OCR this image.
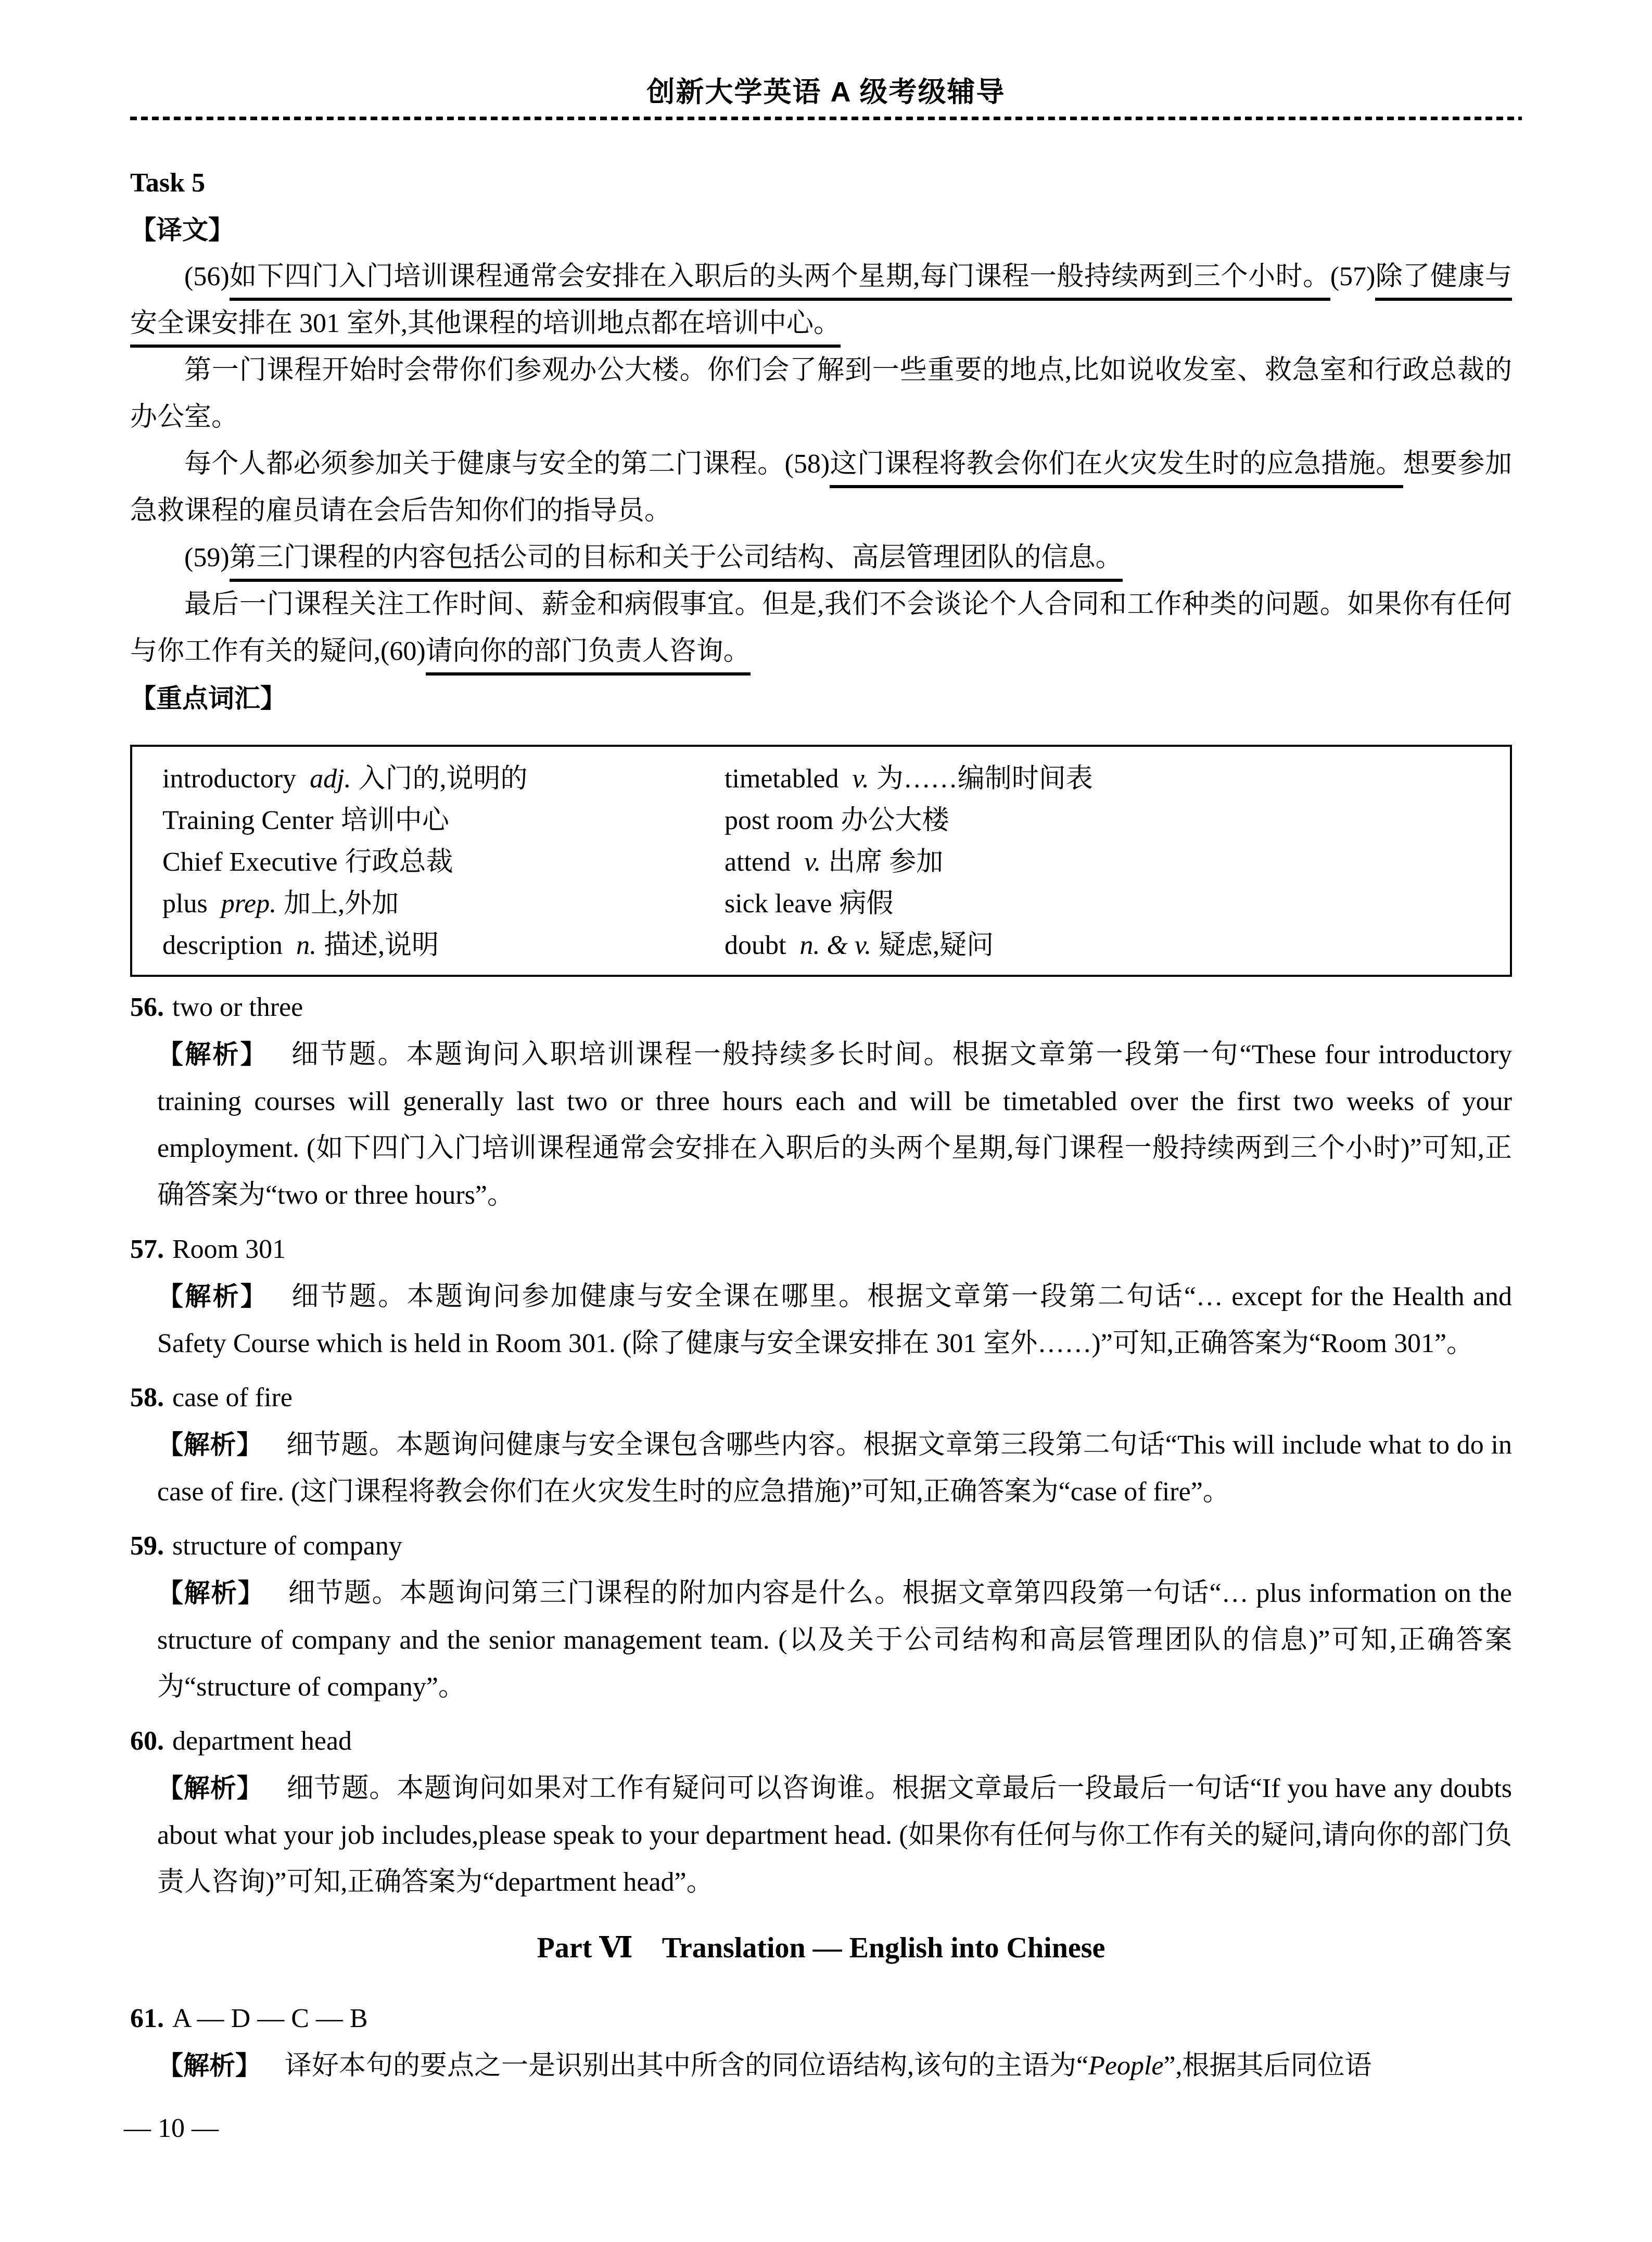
创新大学英语 A 级考级辅导
Task 5
【译文】

(56)如下四门入门培训课程通常会安排在入职后的头两个星期,每门课程一般持续两到三个小时。(57)除了健康与安全课安排在 301 室外,其他课程的培训地点都在培训中心。

第一门课程开始时会带你们参观办公大楼。你们会了解到一些重要的地点,比如说收发室、救急室和行政总裁的办公室。

每个人都必须参加关于健康与安全的第二门课程。(58)这门课程将教会你们在火灾发生时的应急措施。想要参加急救课程的雇员请在会后告知你们的指导员。

(59)第三门课程的内容包括公司的目标和关于公司结构、高层管理团队的信息。

最后一门课程关注工作时间、薪金和病假事宜。但是,我们不会谈论个人合同和工作种类的问题。如果你有任何与你工作有关的疑问,(60)请向你的部门负责人咨询。

【重点词汇】
introductory adj. 入门的,说明的	timetabled v. 为……编制时间表
Training Center 培训中心	post room 办公大楼
Chief Executive 行政总裁	attend v. 出席 参加
plus prep. 加上,外加	sick leave 病假
description n. 描述,说明	doubt n. & v. 疑虑,疑问
56. two or three

【解析】 细节题。本题询问入职培训课程一般持续多长时间。根据文章第一段第一句“These four introductory training courses will generally last two or three hours each and will be timetabled over the first two weeks of your employment. (如下四门入门培训课程通常会安排在入职后的头两个星期,每门课程一般持续两到三个小时)”可知,正确答案为“two or three hours”。

57. Room 301

【解析】 细节题。本题询问参加健康与安全课在哪里。根据文章第一段第二句话“… except for the Health and Safety Course which is held in Room 301. (除了健康与安全课安排在 301 室外……)”可知,正确答案为“Room 301”。

58. case of fire

【解析】 细节题。本题询问健康与安全课包含哪些内容。根据文章第三段第二句话“This will include what to do in case of fire. (这门课程将教会你们在火灾发生时的应急措施)”可知,正确答案为“case of fire”。

59. structure of company

【解析】 细节题。本题询问第三门课程的附加内容是什么。根据文章第四段第一句话“… plus information on the structure of company and the senior management team. (以及关于公司结构和高层管理团队的信息)”可知,正确答案为“structure of company”。

60. department head

【解析】 细节题。本题询问如果对工作有疑问可以咨询谁。根据文章最后一段最后一句话“If you have any doubts about what your job includes,please speak to your department head. (如果你有任何与你工作有关的疑问,请向你的部门负责人咨询)”可知,正确答案为“department head”。

Part Ⅵ　Translation — English into Chinese
61. A — D — C — B

【解析】 译好本句的要点之一是识别出其中所含的同位语结构,该句的主语为“People”,根据其后同位语

— 10 —
